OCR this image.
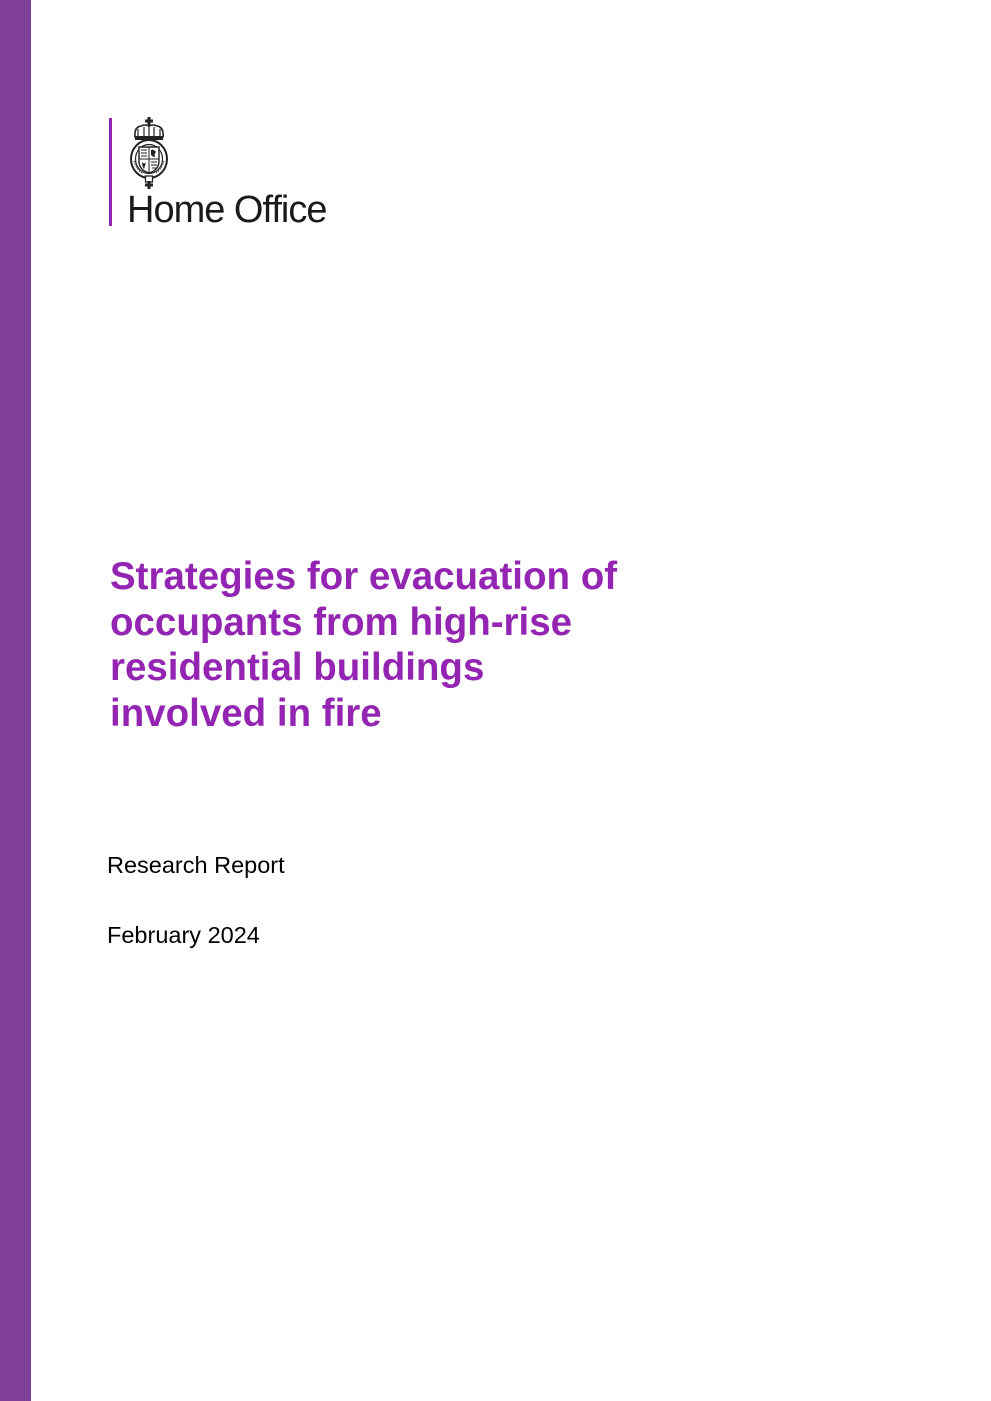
Home Office
Strategies for evacuation of
occupants from high-rise
residential buildings
involved in fire
Research Report
February 2024
